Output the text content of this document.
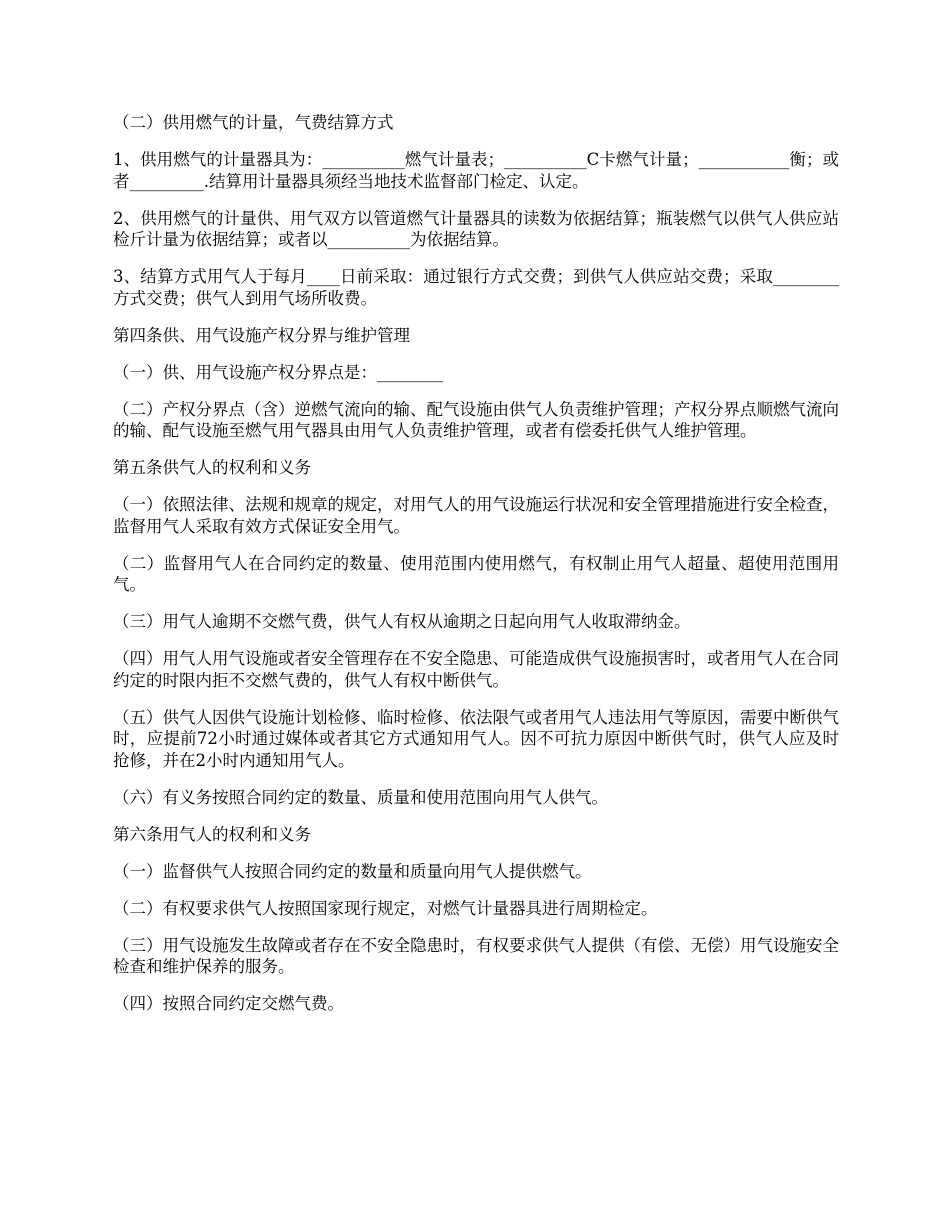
（二）供用燃气的计量，气费结算方式

1、供用燃气的计量器具为：__________燃气计量表；__________C卡燃气计量；___________衡；或者_________.结算用计量器具须经当地技术监督部门检定、认定。

2、供用燃气的计量供、用气双方以管道燃气计量器具的读数为依据结算；瓶装燃气以供气人供应站检斤计量为依据结算；或者以__________为依据结算。

3、结算方式用气人于每月____日前采取：通过银行方式交费；到供气人供应站交费；采取________方式交费；供气人到用气场所收费。

第四条供、用气设施产权分界与维护管理

（一）供、用气设施产权分界点是：________

（二）产权分界点（含）逆燃气流向的输、配气设施由供气人负责维护管理；产权分界点顺燃气流向的输、配气设施至燃气用气器具由用气人负责维护管理，或者有偿委托供气人维护管理。

第五条供气人的权利和义务

（一）依照法律、法规和规章的规定，对用气人的用气设施运行状况和安全管理措施进行安全检查，监督用气人采取有效方式保证安全用气。

（二）监督用气人在合同约定的数量、使用范围内使用燃气，有权制止用气人超量、超使用范围用气。

（三）用气人逾期不交燃气费，供气人有权从逾期之日起向用气人收取滞纳金。

（四）用气人用气设施或者安全管理存在不安全隐患、可能造成供气设施损害时，或者用气人在合同约定的时限内拒不交燃气费的，供气人有权中断供气。

（五）供气人因供气设施计划检修、临时检修、依法限气或者用气人违法用气等原因，需要中断供气时，应提前72小时通过媒体或者其它方式通知用气人。因不可抗力原因中断供气时，供气人应及时抢修，并在2小时内通知用气人。

（六）有义务按照合同约定的数量、质量和使用范围向用气人供气。

第六条用气人的权利和义务

（一）监督供气人按照合同约定的数量和质量向用气人提供燃气。

（二）有权要求供气人按照国家现行规定，对燃气计量器具进行周期检定。

（三）用气设施发生故障或者存在不安全隐患时，有权要求供气人提供（有偿、无偿）用气设施安全检查和维护保养的服务。

（四）按照合同约定交燃气费。
